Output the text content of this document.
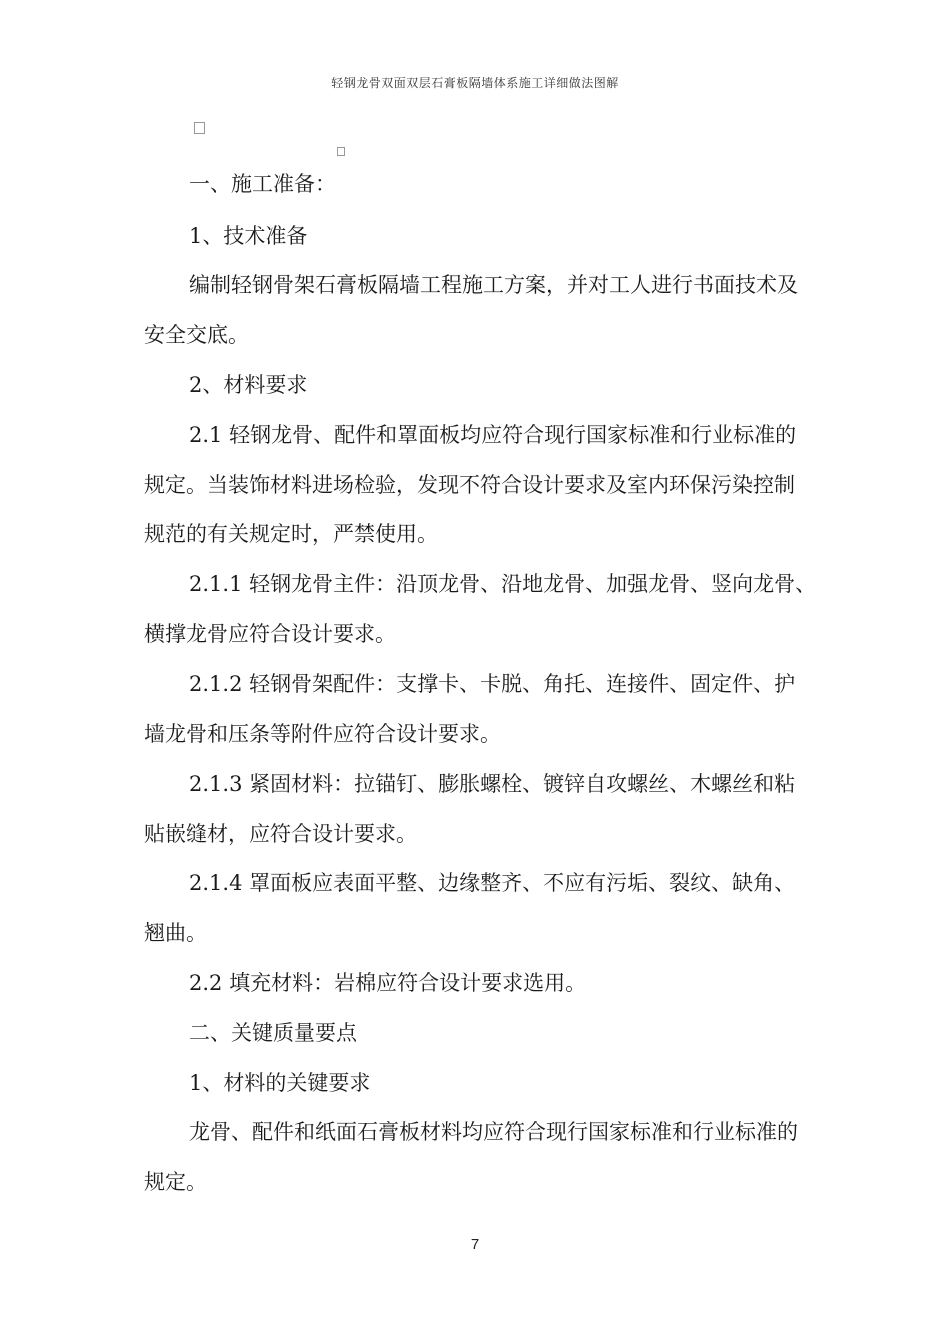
轻钢龙骨双面双层石膏板隔墙体系施工详细做法图解
一、施工准备：
1、技术准备
编制轻钢骨架石膏板隔墙工程施工方案，并对工人进行书面技术及
安全交底。
2、材料要求
2.1 轻钢龙骨、配件和罩面板均应符合现行国家标准和行业标准的
规定。当装饰材料进场检验，发现不符合设计要求及室内环保污染控制
规范的有关规定时，严禁使用。
2.1.1 轻钢龙骨主件：沿顶龙骨、沿地龙骨、加强龙骨、竖向龙骨、
横撑龙骨应符合设计要求。
2.1.2 轻钢骨架配件：支撑卡、卡脱、角托、连接件、固定件、护
墙龙骨和压条等附件应符合设计要求。
2.1.3 紧固材料：拉锚钉、膨胀螺栓、镀锌自攻螺丝、木螺丝和粘
贴嵌缝材，应符合设计要求。
2.1.4 罩面板应表面平整、边缘整齐、不应有污垢、裂纹、缺角、
翘曲。
2.2 填充材料：岩棉应符合设计要求选用。
二、关键质量要点
1、材料的关键要求
龙骨、配件和纸面石膏板材料均应符合现行国家标准和行业标准的
规定。
7
